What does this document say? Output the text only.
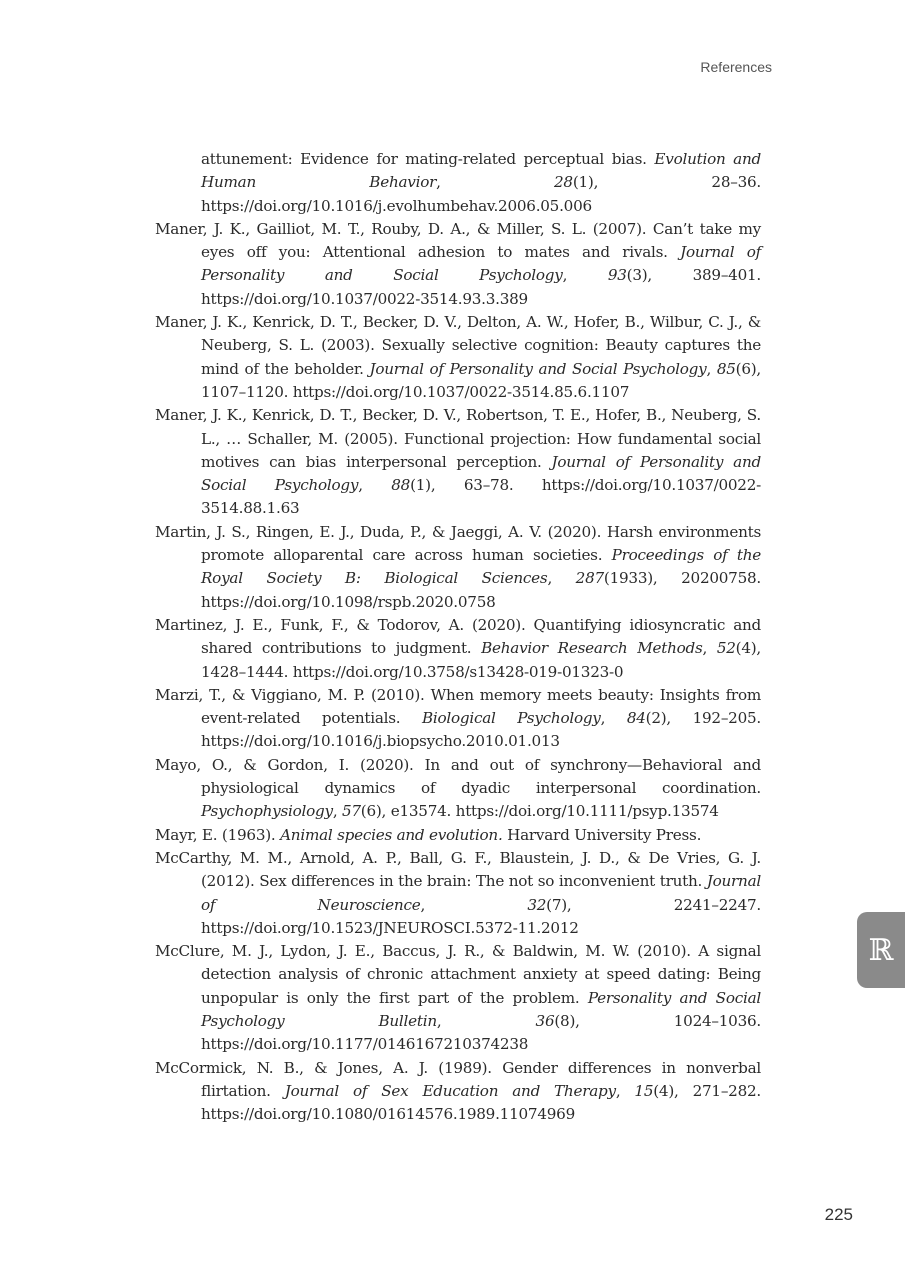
References

attunement: Evidence for mating-related perceptual bias. Evolution and Human Behavior, 28(1), 28–36. https://doi.org/10.1016/j.evolhumbehav.2006.05.006

Maner, J. K., Gailliot, M. T., Rouby, D. A., & Miller, S. L. (2007). Can’t take my eyes off you: Attentional adhesion to mates and rivals. Journal of Personality and Social Psychology, 93(3), 389–401. https://doi.org/10.1037/0022-3514.93.3.389

Maner, J. K., Kenrick, D. T., Becker, D. V., Delton, A. W., Hofer, B., Wilbur, C. J., & Neuberg, S. L. (2003). Sexually selective cognition: Beauty captures the mind of the beholder. Journal of Personality and Social Psychology, 85(6), 1107–1120. https://doi.org/10.1037/0022-3514.85.6.1107

Maner, J. K., Kenrick, D. T., Becker, D. V., Robertson, T. E., Hofer, B., Neuberg, S. L., … Schaller, M. (2005). Functional projection: How fundamental social motives can bias interpersonal perception. Journal of Personality and Social Psychology, 88(1), 63–78. https://doi.org/10.1037/0022-3514.88.1.63

Martin, J. S., Ringen, E. J., Duda, P., & Jaeggi, A. V. (2020). Harsh environments promote alloparental care across human societies. Proceedings of the Royal Society B: Biological Sciences, 287(1933), 20200758. https://doi.org/10.1098/rspb.2020.0758

Martinez, J. E., Funk, F., & Todorov, A. (2020). Quantifying idiosyncratic and shared contributions to judgment. Behavior Research Methods, 52(4), 1428–1444. https://doi.org/10.3758/s13428-019-01323-0

Marzi, T., & Viggiano, M. P. (2010). When memory meets beauty: Insights from event-related potentials. Biological Psychology, 84(2), 192–205. https://doi.org/10.1016/j.biopsycho.2010.01.013

Mayo, O., & Gordon, I. (2020). In and out of synchrony—Behavioral and physiological dynamics of dyadic interpersonal coordination. Psychophysiology, 57(6), e13574. https://doi.org/10.1111/psyp.13574

Mayr, E. (1963). Animal species and evolution. Harvard University Press.

McCarthy, M. M., Arnold, A. P., Ball, G. F., Blaustein, J. D., & De Vries, G. J. (2012). Sex differences in the brain: The not so inconvenient truth. Journal of Neuroscience, 32(7), 2241–2247. https://doi.org/10.1523/JNEUROSCI.5372-11.2012

McClure, M. J., Lydon, J. E., Baccus, J. R., & Baldwin, M. W. (2010). A signal detection analysis of chronic attachment anxiety at speed dating: Being unpopular is only the first part of the problem. Personality and Social Psychology Bulletin, 36(8), 1024–1036. https://doi.org/10.1177/0146167210374238

McCormick, N. B., & Jones, A. J. (1989). Gender differences in nonverbal flirtation. Journal of Sex Education and Therapy, 15(4), 271–282. https://doi.org/10.1080/01614576.1989.11074969

ℝ
225
